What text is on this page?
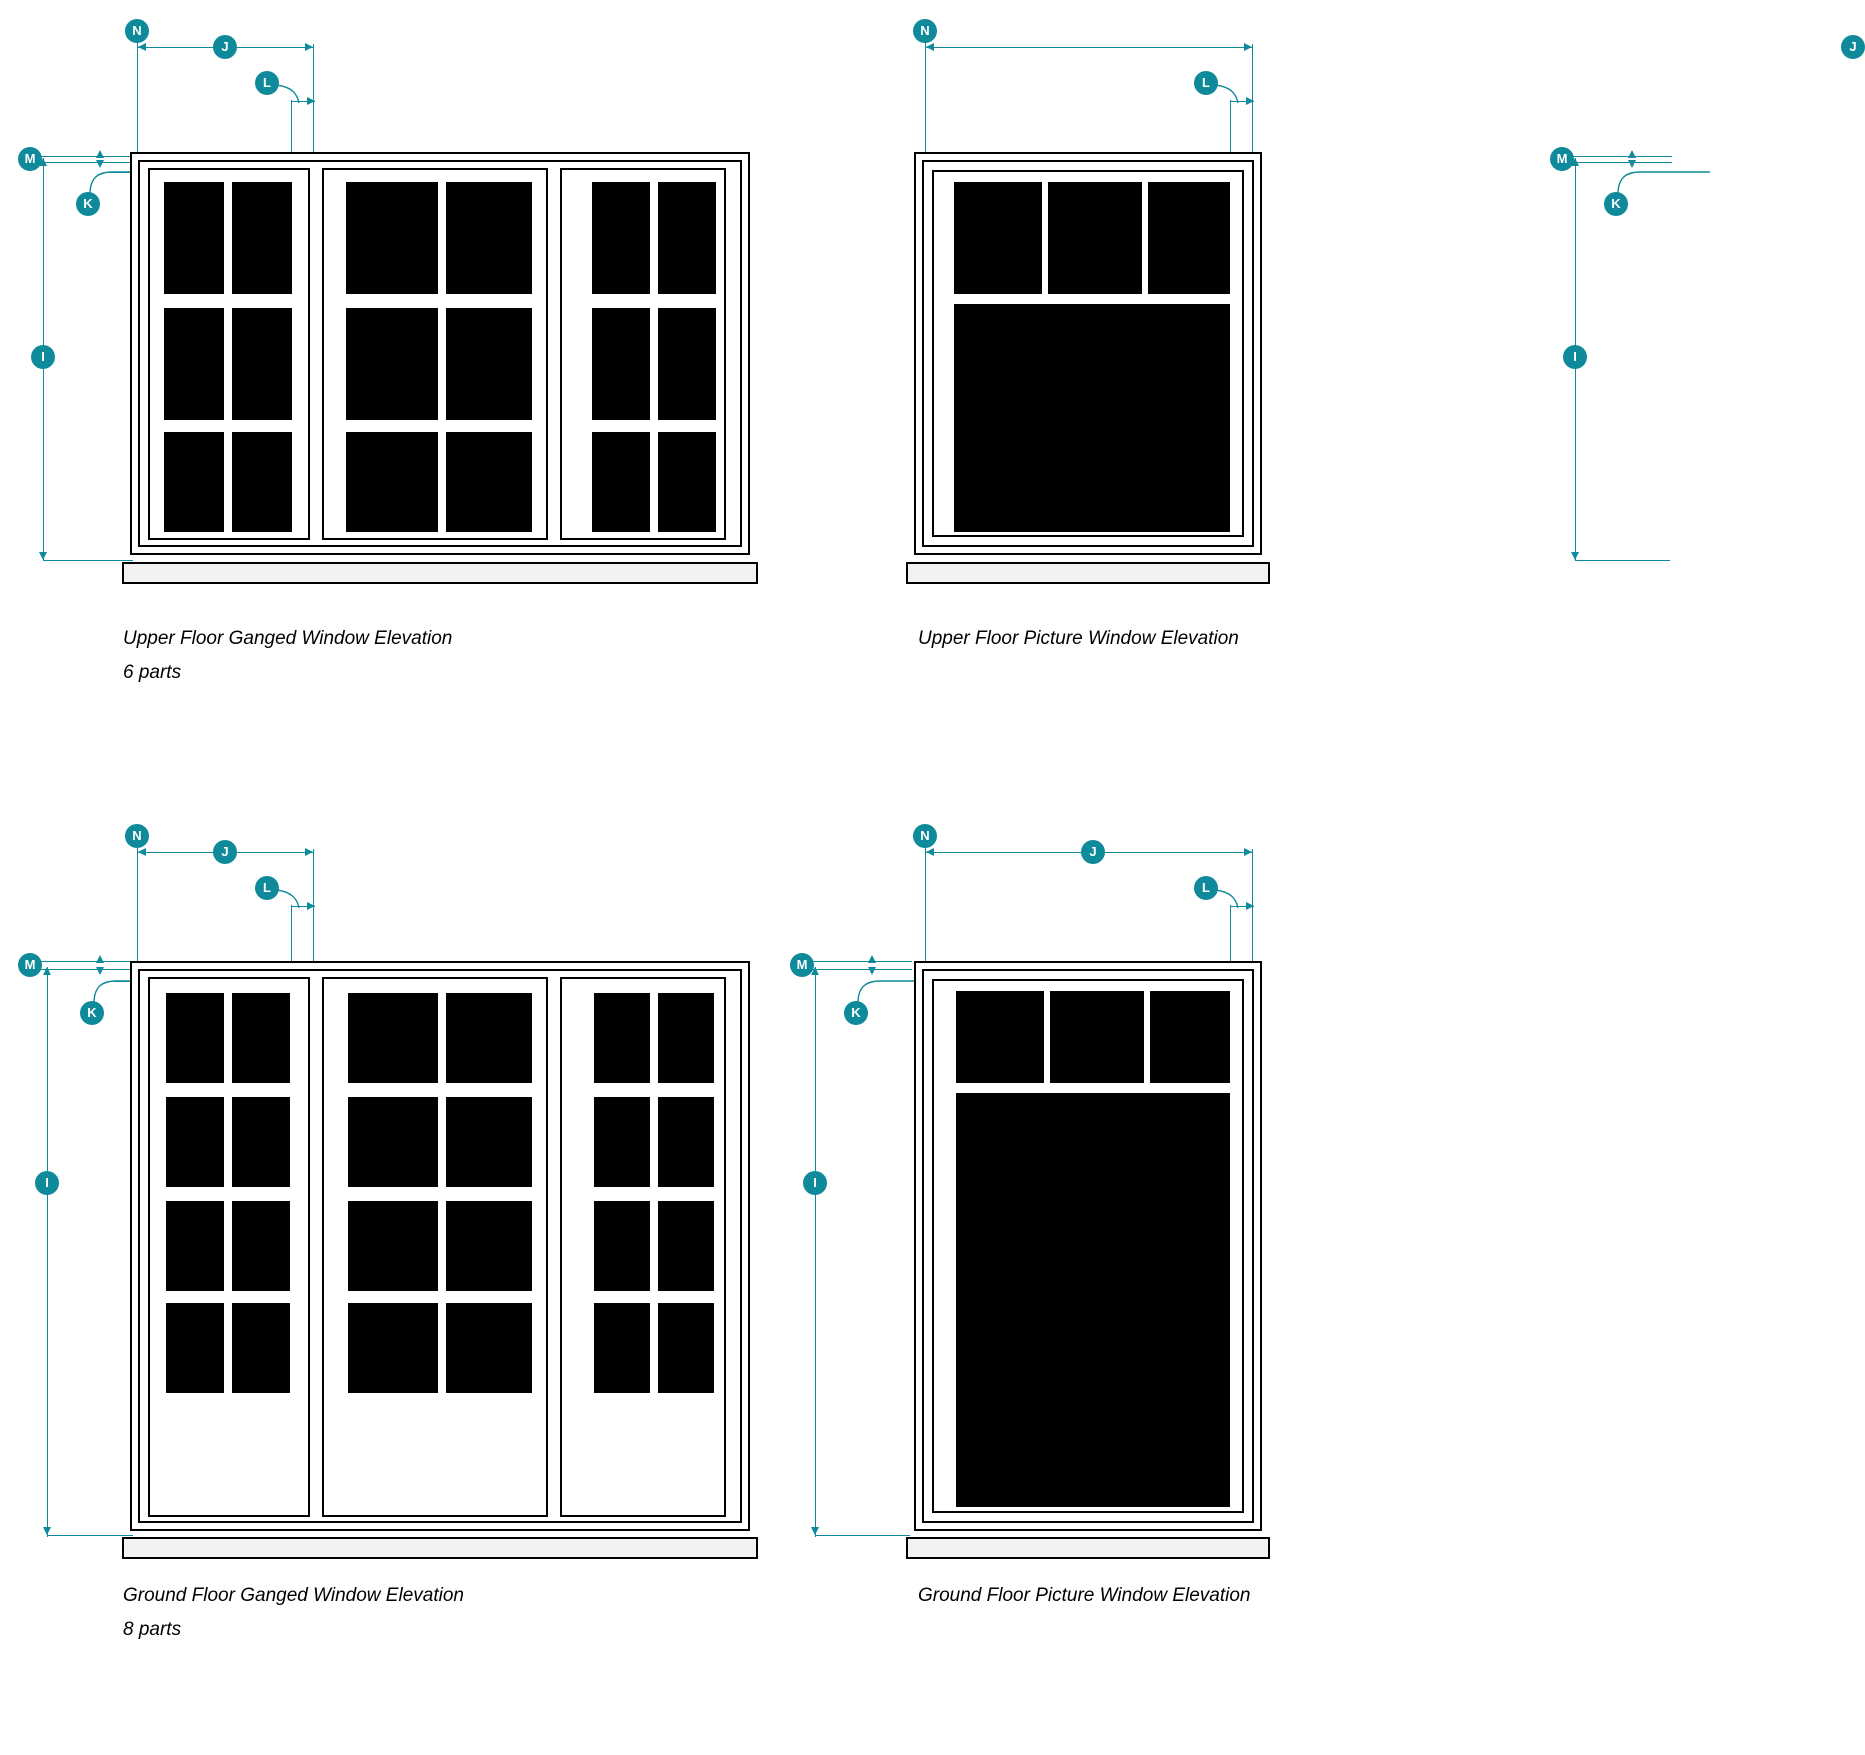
J
N
L
M
K
I
Upper Floor Ganged Window Elevation
6 parts
J
N
L
M
K
I
Upper Floor Picture Window Elevation
J
N
L
M
K
I
Ground Floor Ganged Window Elevation
8 parts
J
N
L
M
K
I
Ground Floor Picture Window Elevation
